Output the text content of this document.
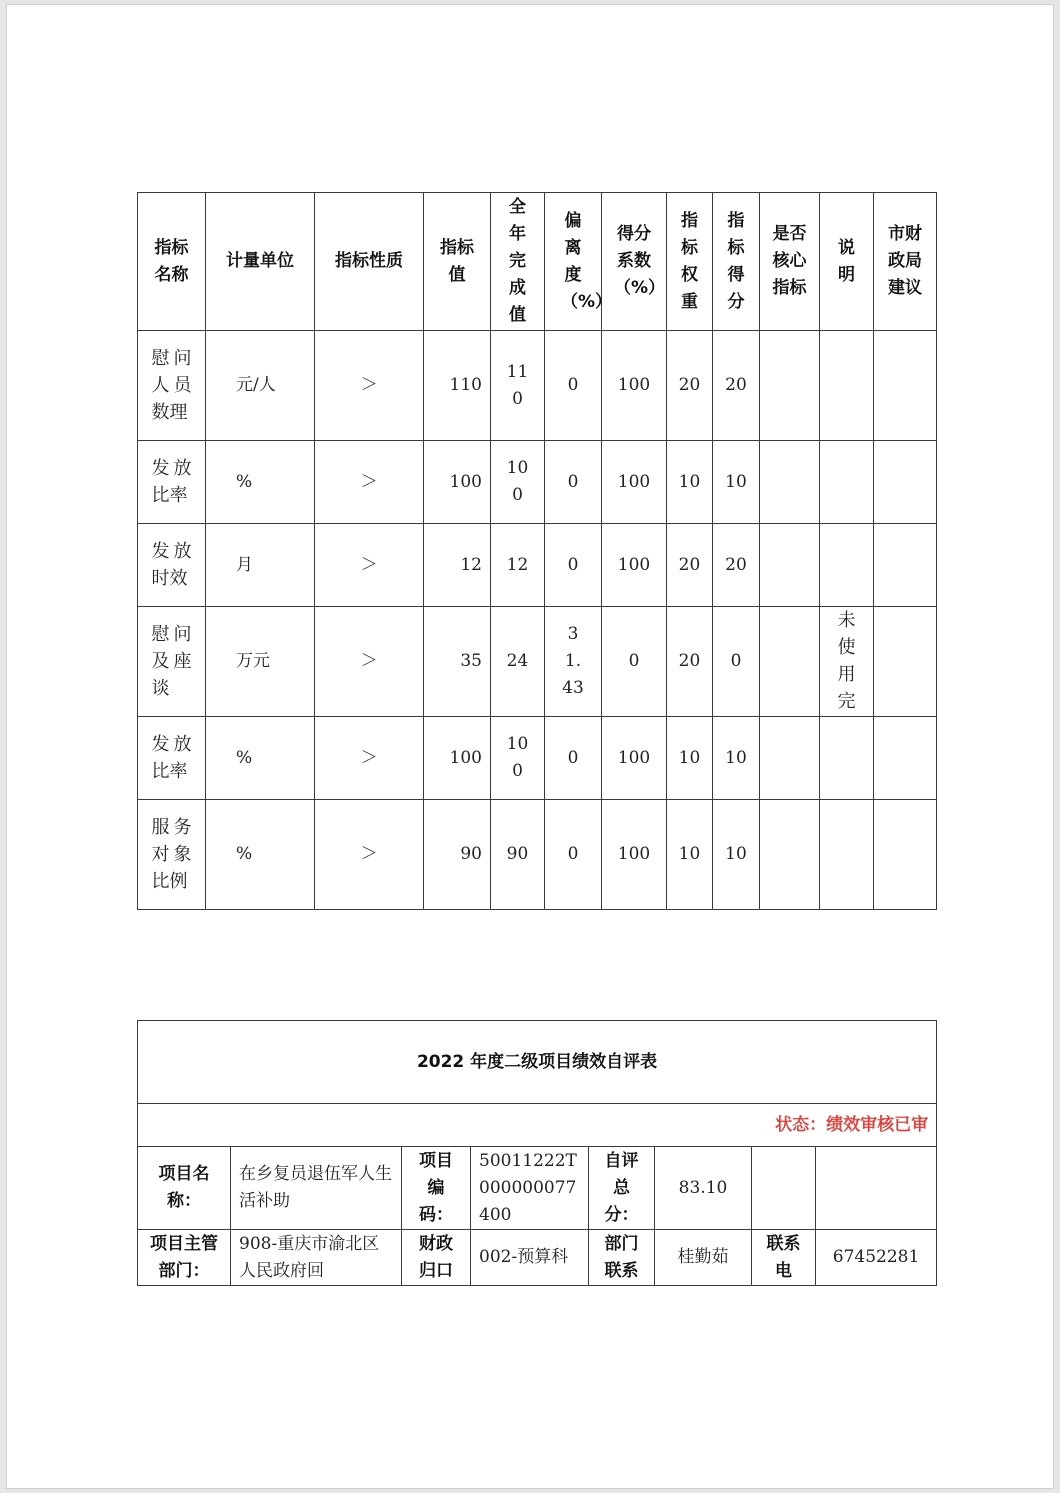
指标名称	计量单位	指标性质	指标值	全年完成值	偏离度（%）	得分系数（%）	指标权重	指标得分	是否核心指标	说明	市财政局建议
慰问人员数理	元/人	＞	110	110	0	100	20	20			
发放比率	%	＞	100	100	0	100	10	10			
发放时效	月	＞	12	12	0	100	20	20			
慰问及座谈	万元	＞	35	24	31.43	0	20	0		未使用完	
发放比率	%	＞	100	100	0	100	10	10			
服务对象比例	%	＞	90	90	0	100	10	10			
2022 年度二级项目绩效自评表							
状态：绩效审核已审							
项目名称：	在乡复员退伍军人生活补助	项目编码：	50011222T000000077400	自评总分：	83.10		
项目主管部门：	908-重庆市渝北区人民政府回	财政归口	002-预算科	部门联系	桂勤茹	联系电	67452281
